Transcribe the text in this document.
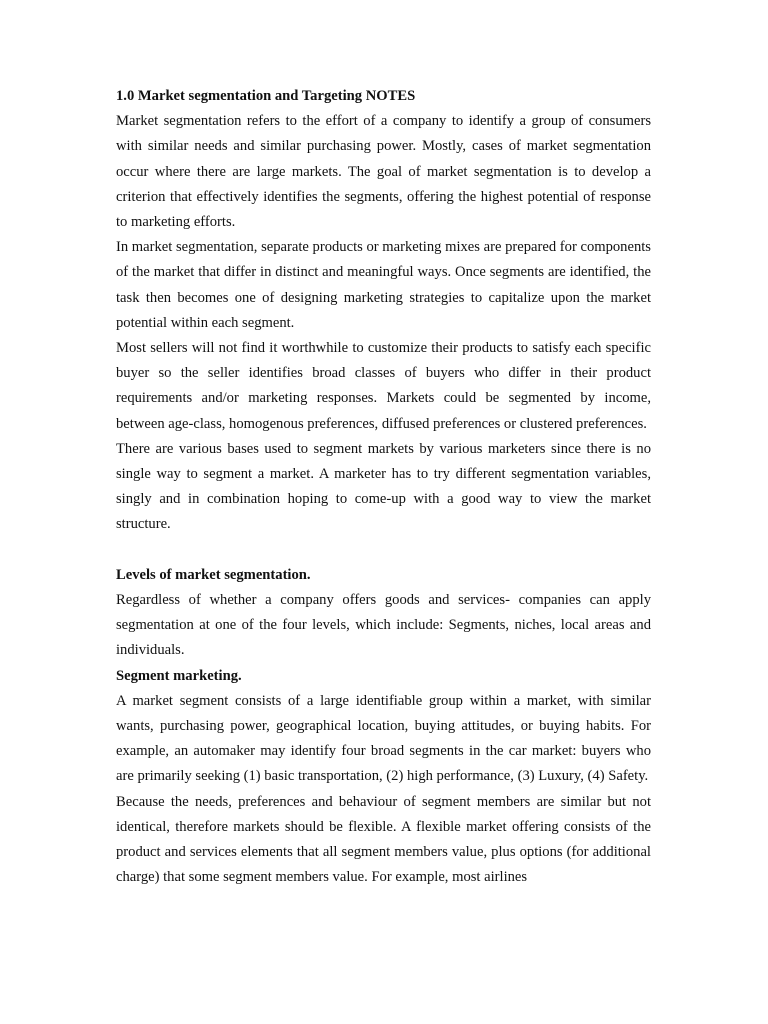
1.0 Market segmentation and Targeting NOTES

Market segmentation refers to the effort of a company to identify a group of consumers with similar needs and similar purchasing power. Mostly, cases of market segmentation occur where there are large markets. The goal of market segmentation is to develop a criterion that effectively identifies the segments, offering the highest potential of response to marketing efforts.

In market segmentation, separate products or marketing mixes are prepared for components of the market that differ in distinct and meaningful ways. Once segments are identified, the task then becomes one of designing marketing strategies to capitalize upon the market potential within each segment.

Most sellers will not find it worthwhile to customize their products to satisfy each specific buyer so the seller identifies broad classes of buyers who differ in their product requirements and/or marketing responses. Markets could be segmented by income, between age-class, homogenous preferences, diffused preferences or clustered preferences.

There are various bases used to segment markets by various marketers since there is no single way to segment a market. A marketer has to try different segmentation variables, singly and in combination hoping to come-up with a good way to view the market structure.

Levels of market segmentation.

Regardless of whether a company offers goods and services- companies can apply segmentation at one of the four levels, which include: Segments, niches, local areas and individuals.

Segment marketing.

A market segment consists of a large identifiable group within a market, with similar wants, purchasing power, geographical location, buying attitudes, or buying habits. For example, an automaker may identify four broad segments in the car market: buyers who are primarily seeking (1) basic transportation, (2) high performance, (3) Luxury, (4) Safety.

Because the needs, preferences and behaviour of segment members are similar but not identical, therefore markets should be flexible. A flexible market offering consists of the product and services elements that all segment members value, plus options (for additional charge) that some segment members value. For example, most airlines
